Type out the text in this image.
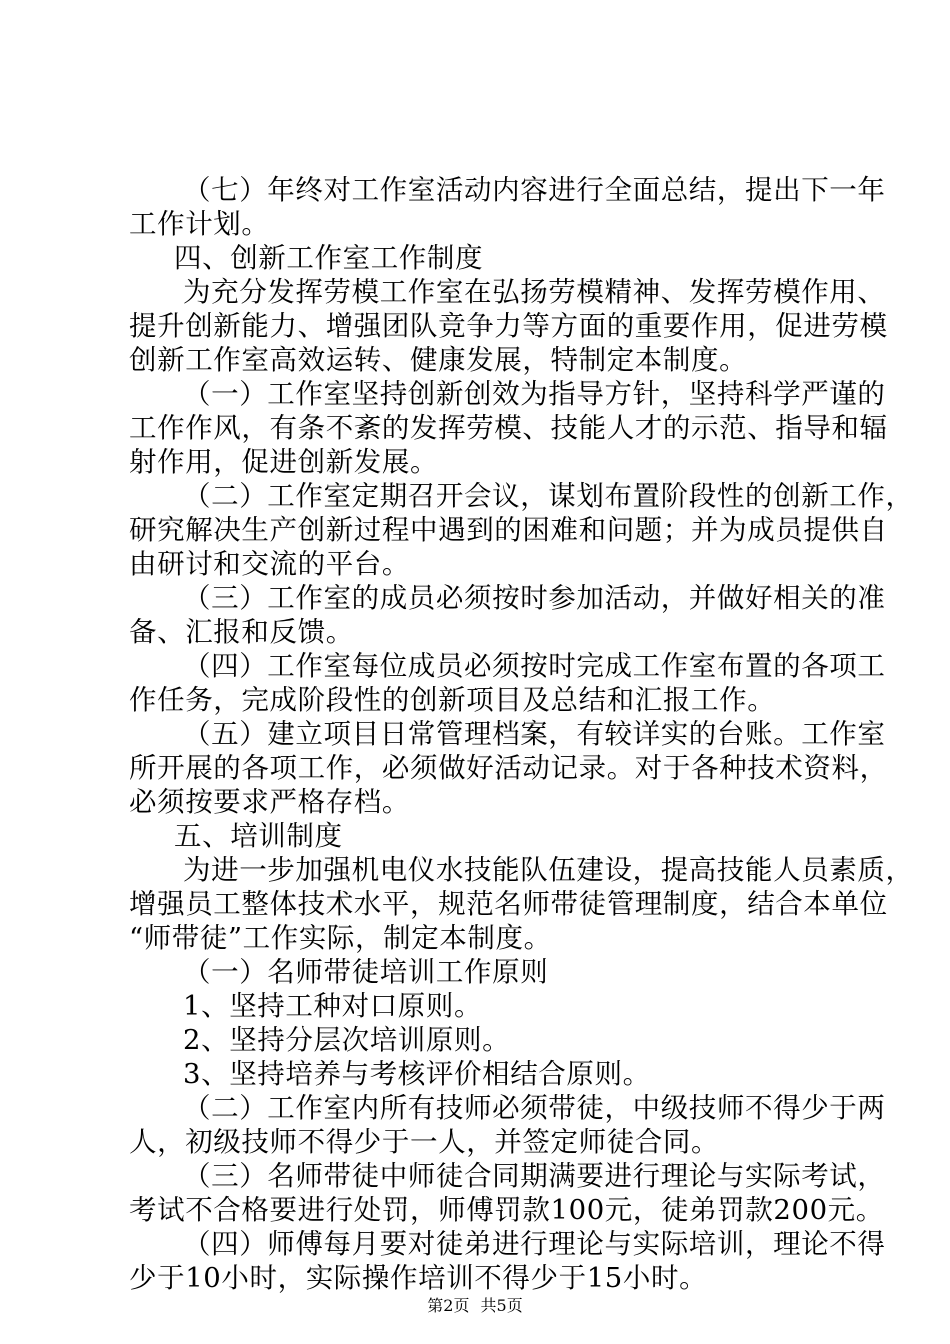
（七）年终对工作室活动内容进行全面总结，提出下一年
工作计划。
四、创新工作室工作制度
为充分发挥劳模工作室在弘扬劳模精神、发挥劳模作用、
提升创新能力、增强团队竞争力等方面的重要作用，促进劳模
创新工作室高效运转、健康发展，特制定本制度。
（一）工作室坚持创新创效为指导方针，坚持科学严谨的
工作作风，有条不紊的发挥劳模、技能人才的示范、指导和辐
射作用，促进创新发展。
（二）工作室定期召开会议，谋划布置阶段性的创新工作，
研究解决生产创新过程中遇到的困难和问题；并为成员提供自
由研讨和交流的平台。
（三）工作室的成员必须按时参加活动，并做好相关的准
备、汇报和反馈。
（四）工作室每位成员必须按时完成工作室布置的各项工
作任务，完成阶段性的创新项目及总结和汇报工作。
（五）建立项目日常管理档案，有较详实的台账。工作室
所开展的各项工作，必须做好活动记录。对于各种技术资料，
必须按要求严格存档。
五、培训制度
为进一步加强机电仪水技能队伍建设，提高技能人员素质，
增强员工整体技术水平，规范名师带徒管理制度，结合本单位
“师带徒”工作实际，制定本制度。
（一）名师带徒培训工作原则
1、坚持工种对口原则。
2、坚持分层次培训原则。
3、坚持培养与考核评价相结合原则。
（二）工作室内所有技师必须带徒，中级技师不得少于两
人，初级技师不得少于一人，并签定师徒合同。
（三）名师带徒中师徒合同期满要进行理论与实际考试，
考试不合格要进行处罚，师傅罚款100元，徒弟罚款200元。
（四）师傅每月要对徒弟进行理论与实际培训，理论不得
少于10小时，实际操作培训不得少于15小时。
第2页 共5页
